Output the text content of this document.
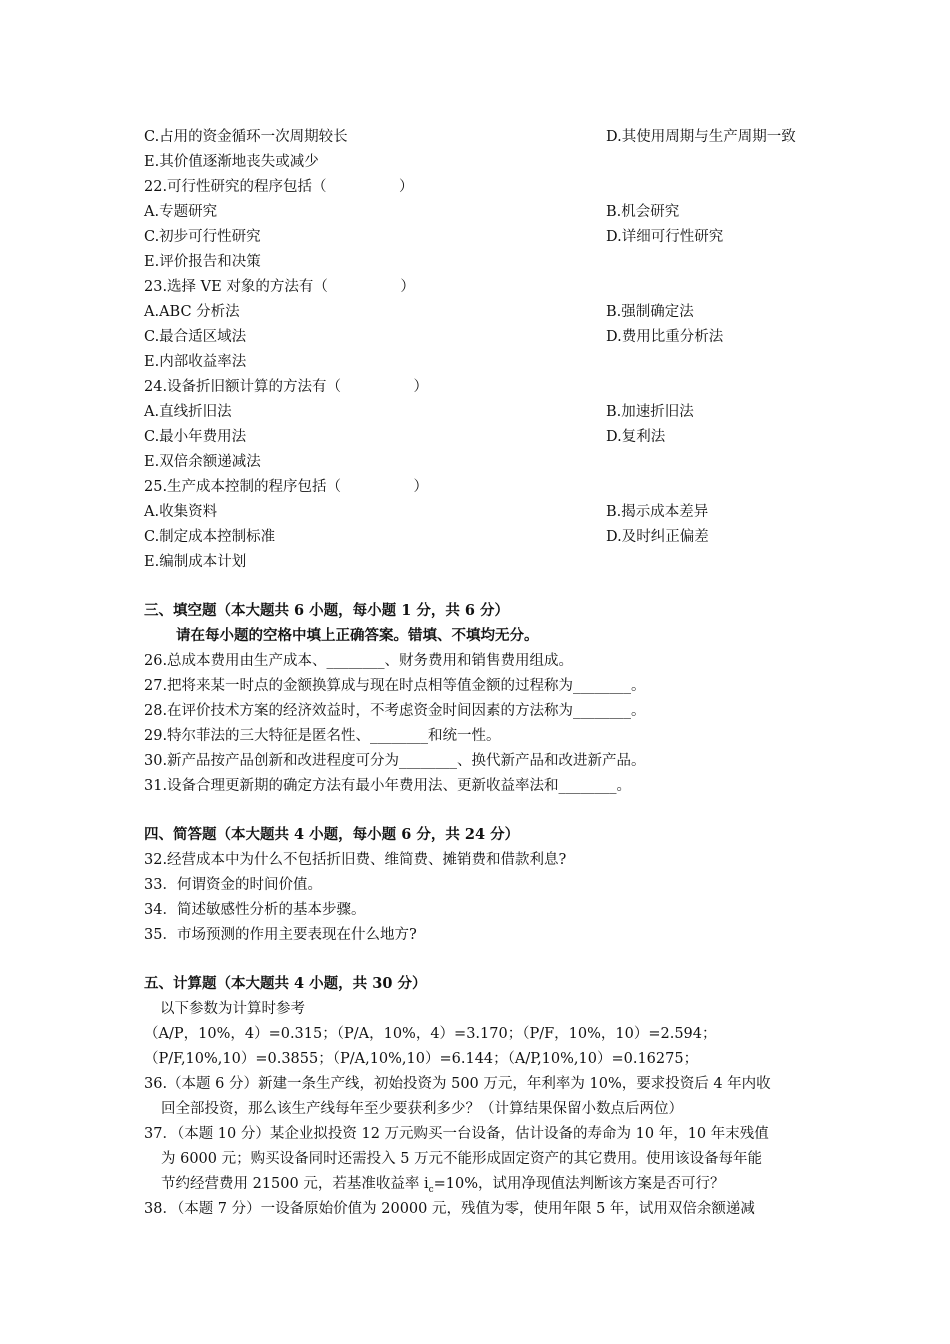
C.占用的资金循环一次周期较长	D.其使用周期与生产周期一致
E.其价值逐渐地丧失或减少
22.可行性研究的程序包括（　　　　　）
A.专题研究	B.机会研究
C.初步可行性研究	D.详细可行性研究
E.评价报告和决策
23.选择 VE 对象的方法有（　　　　　）
A.ABC 分析法	B.强制确定法
C.最合适区域法	D.费用比重分析法
E.内部收益率法
24.设备折旧额计算的方法有（　　　　　）
A.直线折旧法	B.加速折旧法
C.最小年费用法	D.复利法
E.双倍余额递减法
25.生产成本控制的程序包括（　　　　　）
A.收集资料	B.揭示成本差异
C.制定成本控制标准	D.及时纠正偏差
E.编制成本计划
三、填空题（本大题共 6 小题，每小题 1 分，共 6 分）
请在每小题的空格中填上正确答案。错填、不填均无分。
26.总成本费用由生产成本、________、财务费用和销售费用组成。
27.把将来某一时点的金额换算成与现在时点相等值金额的过程称为________。
28.在评价技术方案的经济效益时，不考虑资金时间因素的方法称为________。
29.特尔菲法的三大特征是匿名性、________和统一性。
30.新产品按产品创新和改进程度可分为________、换代新产品和改进新产品。
31.设备合理更新期的确定方法有最小年费用法、更新收益率法和________。
四、简答题（本大题共 4 小题，每小题 6 分，共 24 分）
32.经营成本中为什么不包括折旧费、维简费、摊销费和借款利息?
33．何谓资金的时间价值。
34．简述敏感性分析的基本步骤。
35．市场预测的作用主要表现在什么地方?
五、计算题（本大题共 4 小题，共 30 分）
以下参数为计算时参考
（A/P，10%，4）=0.315；（P/A，10%，4）=3.170；（P/F，10%，10）=2.594；
（P/F,10%,10）=0.3855；（P/A,10%,10）=6.144；（A/P,10%,10）=0.16275；
36.（本题 6 分）新建一条生产线，初始投资为 500 万元，年利率为 10%，要求投资后 4 年内收
回全部投资，那么该生产线每年至少要获利多少？（计算结果保留小数点后两位）
37．（本题 10 分）某企业拟投资 12 万元购买一台设备，估计设备的寿命为 10 年，10 年末残值
为 6000 元；购买设备同时还需投入 5 万元不能形成固定资产的其它费用。使用该设备每年能
节约经营费用 21500 元，若基准收益率 $i_c=10\%$，试用净现值法判断该方案是否可行？
38．（本题 7 分）一设备原始价值为 20000 元，残值为零，使用年限 5 年，试用双倍余额递减
